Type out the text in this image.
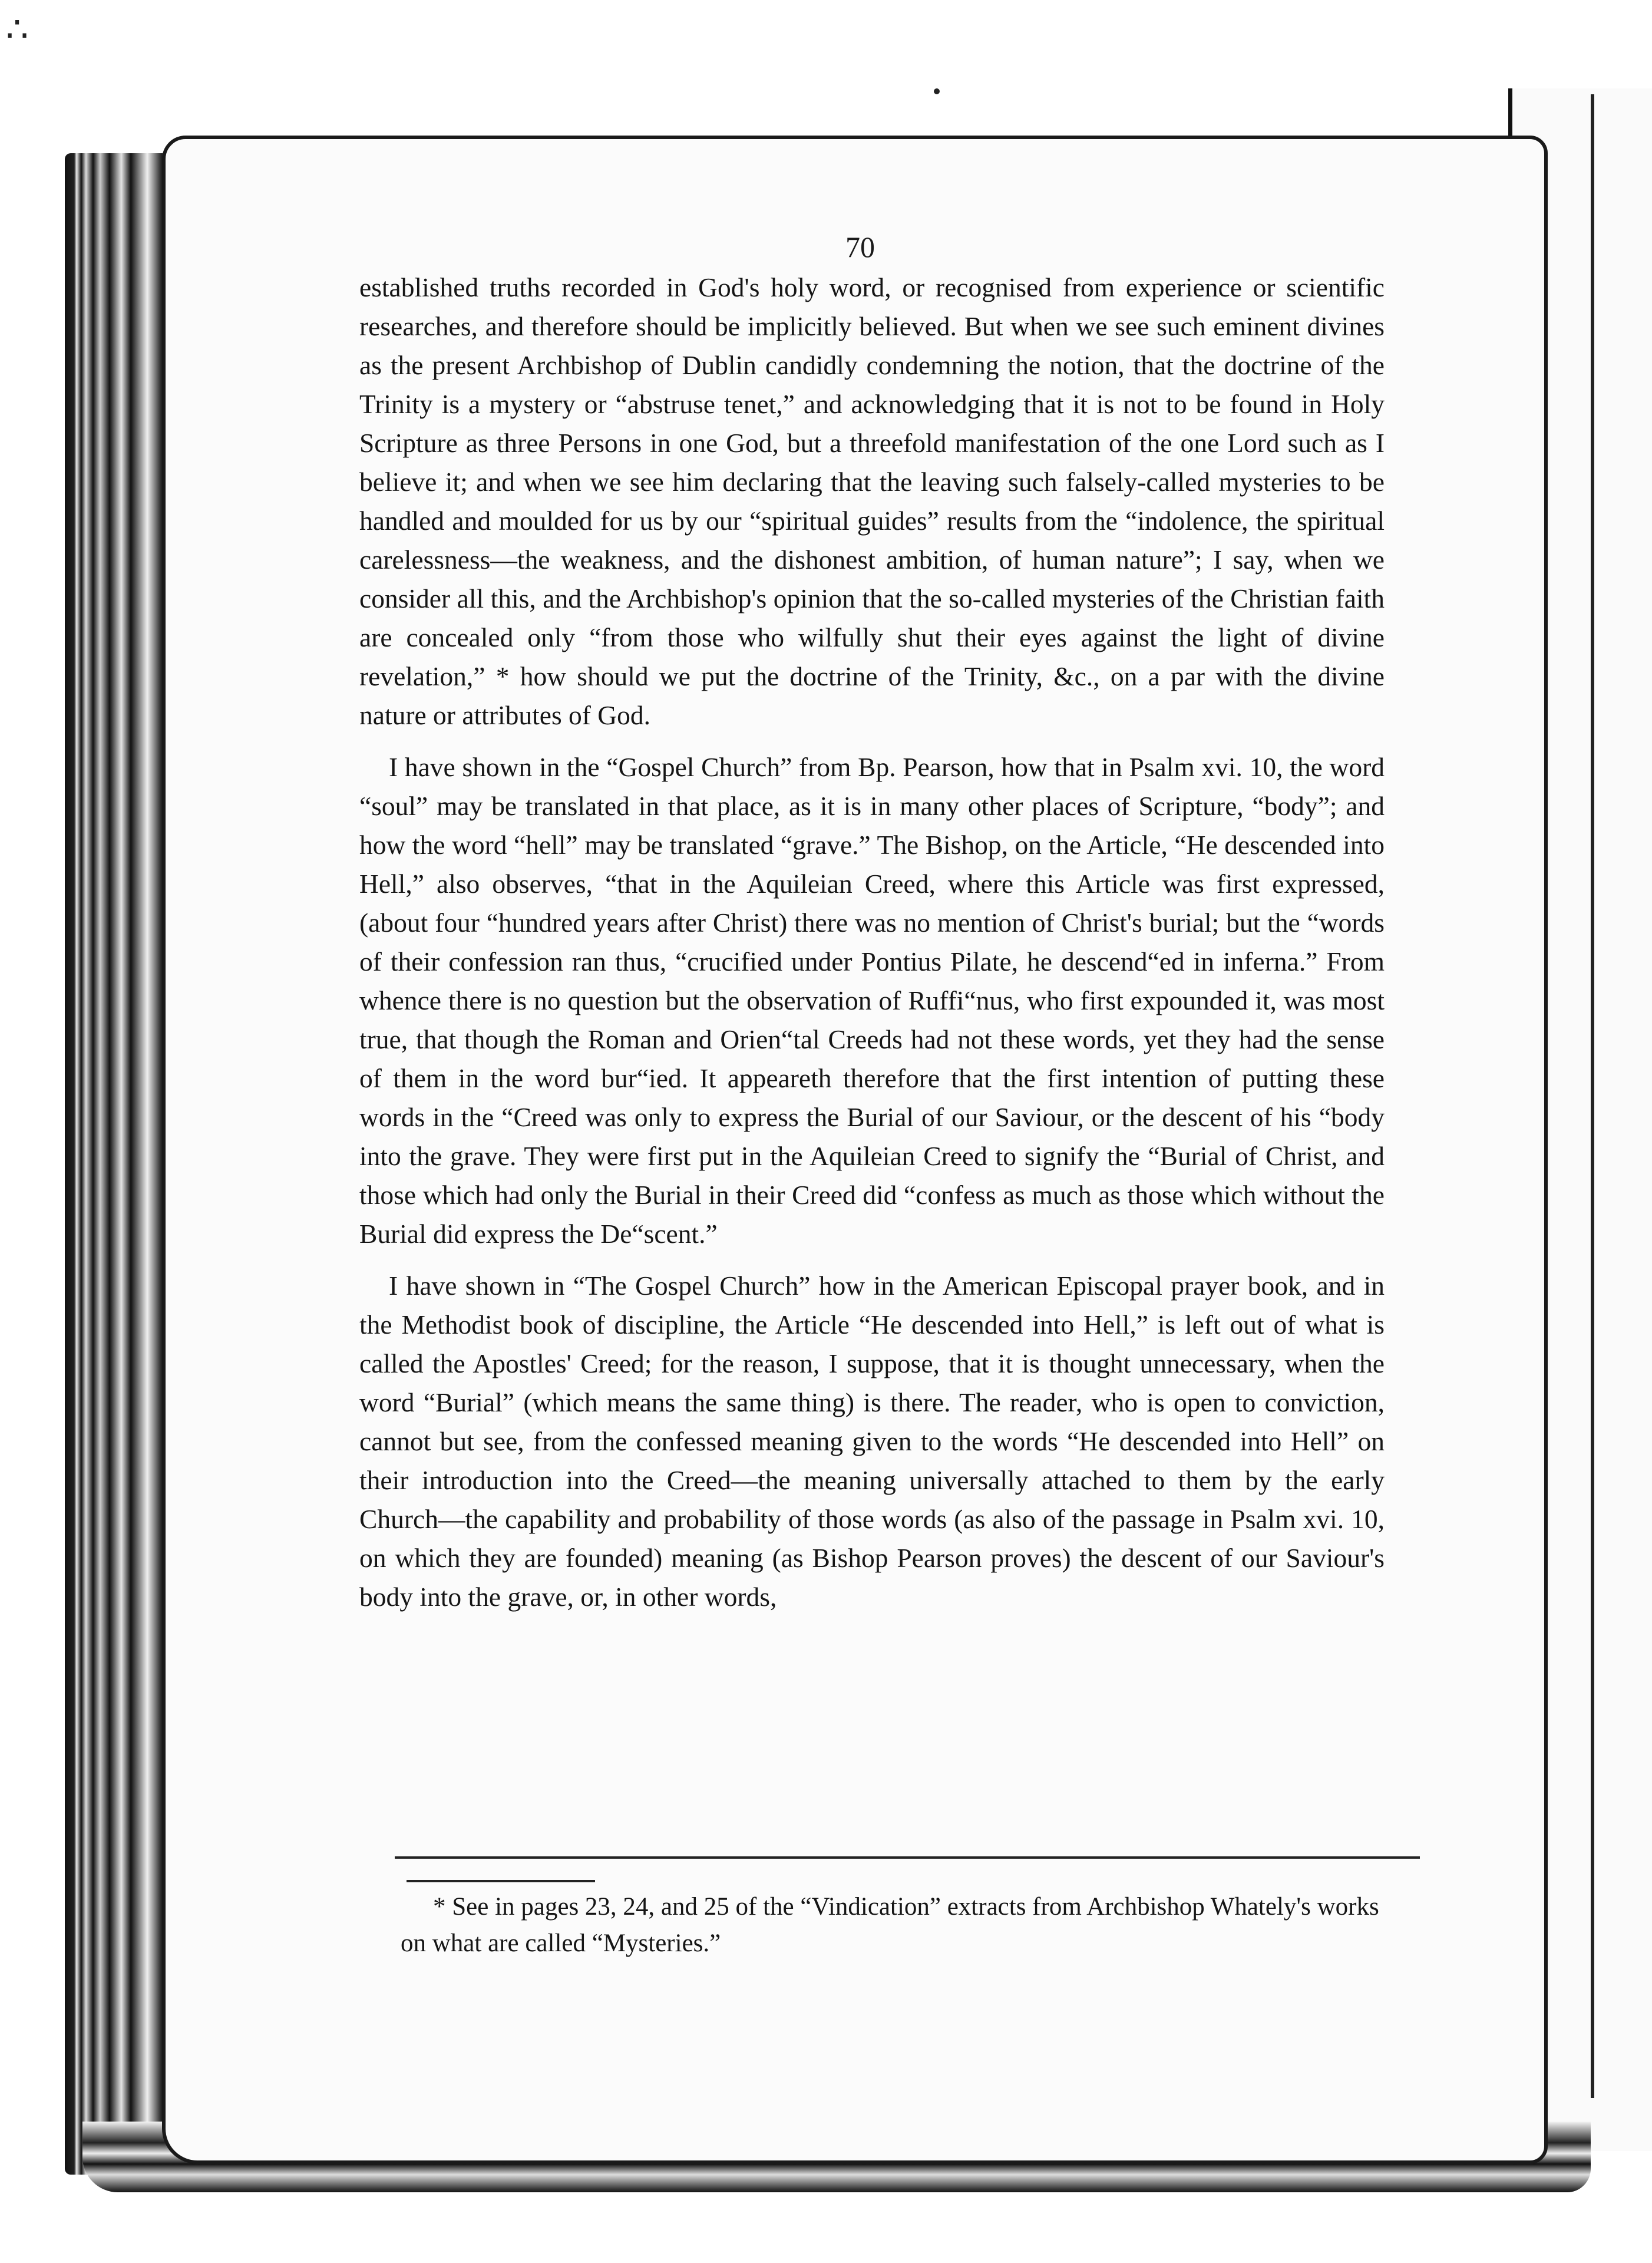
∴
70

established truths recorded in God's holy word, or recognised from experience or scientific researches, and therefore should be implicitly believed. But when we see such eminent divines as the present Archbishop of Dublin candidly condemning the notion, that the doctrine of the Trinity is a mystery or “abstruse tenet,” and acknowledging that it is not to be found in Holy Scripture as three Persons in one God, but a threefold manifestation of the one Lord such as I believe it; and when we see him declaring that the leaving such falsely-called mysteries to be handled and moulded for us by our “spiritual guides” results from the “indolence, the spiritual carelessness—the weakness, and the dishonest ambition, of human nature”; I say, when we consider all this, and the Archbishop's opinion that the so-called mysteries of the Christian faith are concealed only “from those who wilfully shut their eyes against the light of divine revelation,” * how should we put the doctrine of the Trinity, &c., on a par with the divine nature or attributes of God.

I have shown in the “Gospel Church” from Bp. Pearson, how that in Psalm xvi. 10, the word “soul” may be translated in that place, as it is in many other places of Scripture, “body”; and how the word “hell” may be translated “grave.” The Bishop, on the Article, “He descended into Hell,” also observes, “that in the Aquileian Creed, where this Article was first expressed, (about four “hundred years after Christ) there was no mention of Christ's burial; but the “words of their confession ran thus, “crucified under Pontius Pilate, he descend“ed in inferna.” From whence there is no question but the observation of Ruffi“nus, who first expounded it, was most true, that though the Roman and Orien“tal Creeds had not these words, yet they had the sense of them in the word bur“ied. It appeareth therefore that the first intention of putting these words in the “Creed was only to express the Burial of our Saviour, or the descent of his “body into the grave. They were first put in the Aquileian Creed to signify the “Burial of Christ, and those which had only the Burial in their Creed did “confess as much as those which without the Burial did express the De“scent.”

I have shown in “The Gospel Church” how in the American Episcopal prayer book, and in the Methodist book of discipline, the Article “He descended into Hell,” is left out of what is called the Apostles' Creed; for the reason, I suppose, that it is thought unnecessary, when the word “Burial” (which means the same thing) is there. The reader, who is open to conviction, cannot but see, from the confessed meaning given to the words “He descended into Hell” on their introduction into the Creed—the meaning universally attached to them by the early Church—the capability and probability of those words (as also of the passage in Psalm xvi. 10, on which they are founded) meaning (as Bishop Pearson proves) the descent of our Saviour's body into the grave, or, in other words,

* See in pages 23, 24, and 25 of the “Vindication” extracts from Archbishop Whately's works on what are called “Mysteries.”
